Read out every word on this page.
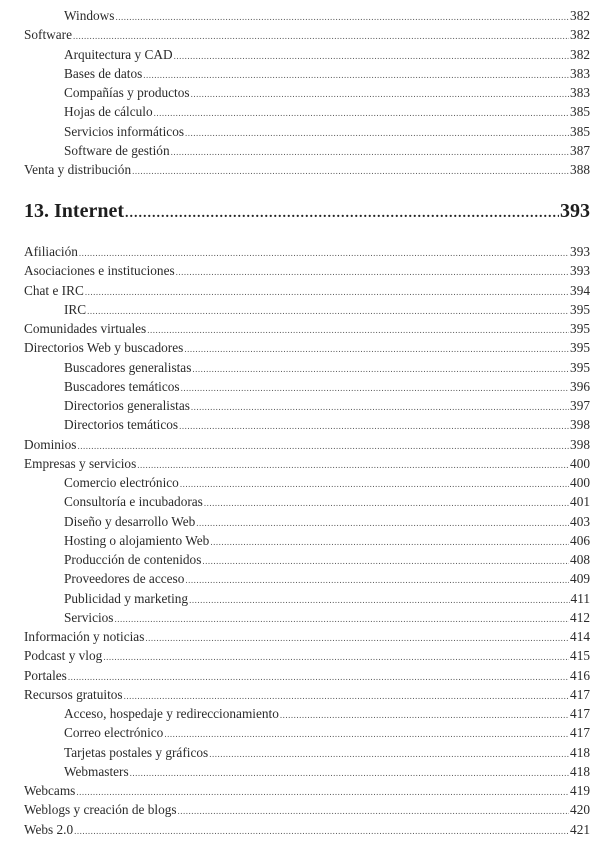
Windows .....	382
Software .....	382
Arquitectura y CAD .....	382
Bases de datos .....	383
Compañías y productos .....	383
Hojas de cálculo .....	385
Servicios informáticos .....	385
Software de gestión .....	387
Venta y distribución .....	388
13. Internet .....	393
Afiliación .....	393
Asociaciones e instituciones .....	393
Chat e IRC .....	394
IRC .....	395
Comunidades virtuales .....	395
Directorios Web y buscadores .....	395
Buscadores generalistas .....	395
Buscadores temáticos .....	396
Directorios generalistas .....	397
Directorios temáticos .....	398
Dominios .....	398
Empresas y servicios .....	400
Comercio electrónico .....	400
Consultoría e incubadoras .....	401
Diseño y desarrollo Web .....	403
Hosting o alojamiento Web .....	406
Producción de contenidos .....	408
Proveedores de acceso .....	409
Publicidad y marketing .....	411
Servicios .....	412
Información y noticias .....	414
Podcast y vlog .....	415
Portales .....	416
Recursos gratuitos .....	417
Acceso, hospedaje y redireccionamiento .....	417
Correo electrónico .....	417
Tarjetas postales y gráficos .....	418
Webmasters .....	418
Webcams .....	419
Weblogs y creación de blogs .....	420
Webs 2.0 .....	421
